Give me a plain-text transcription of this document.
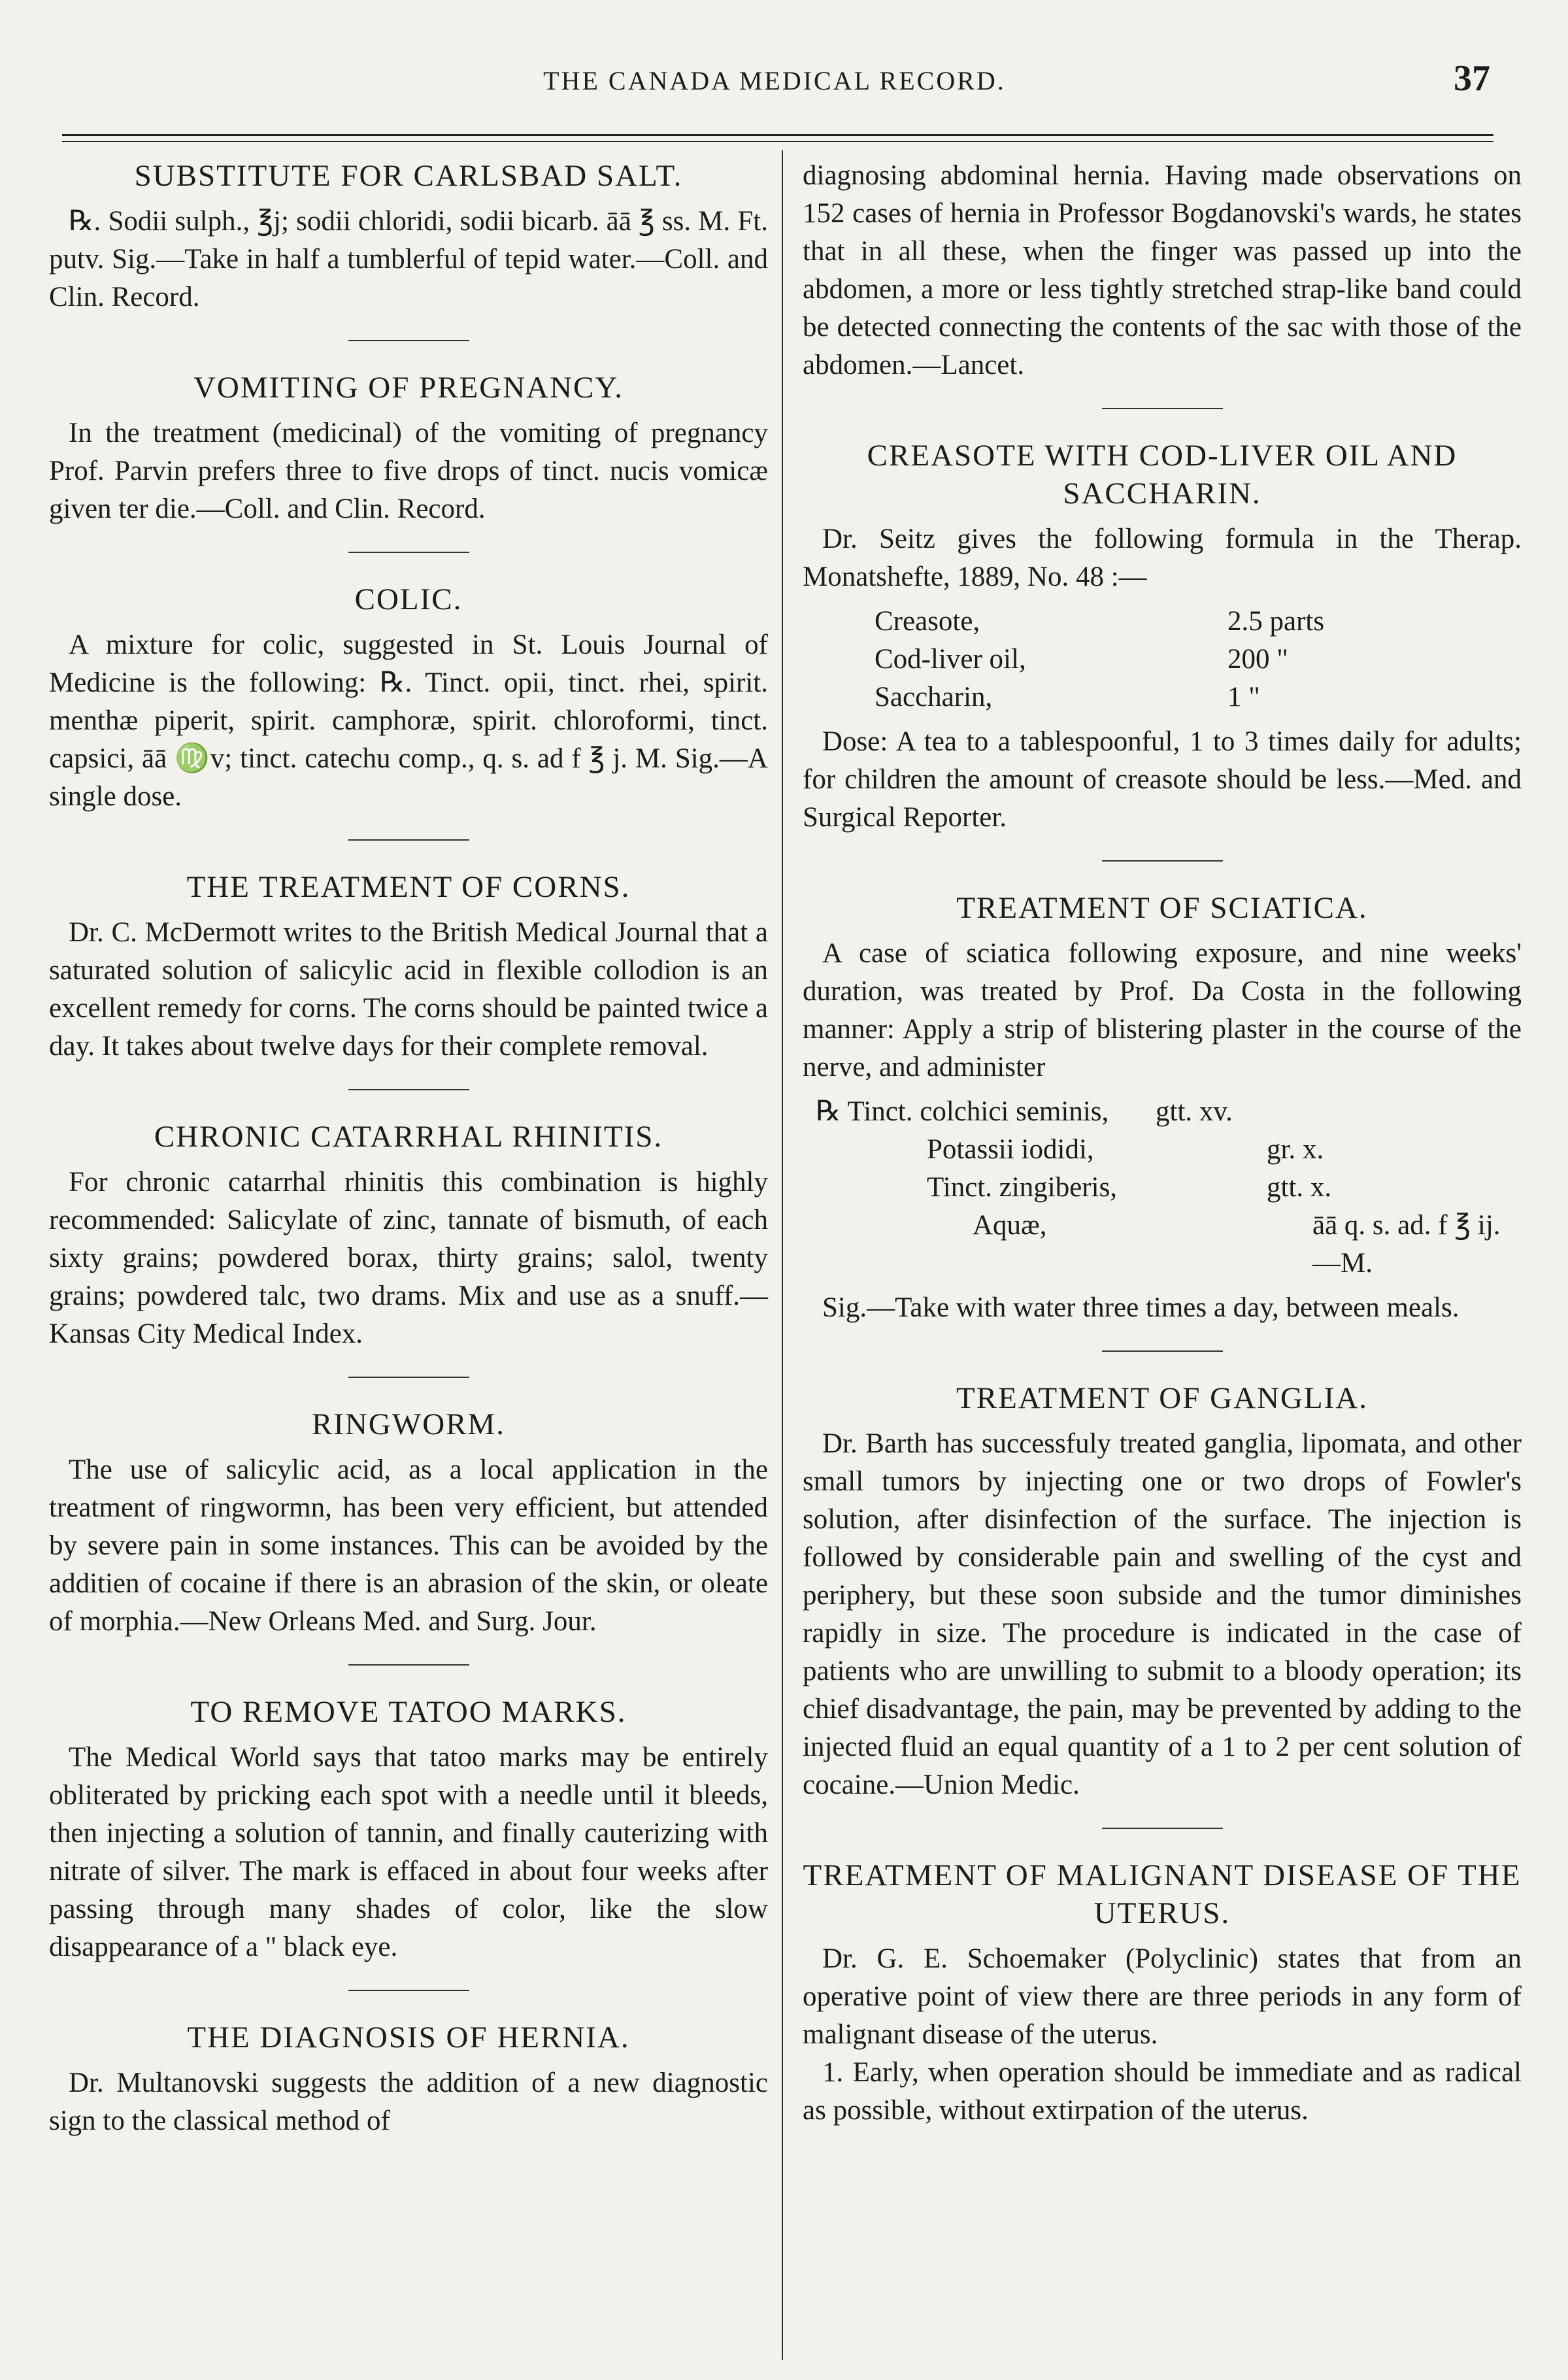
THE CANADA MEDICAL RECORD.	37
SUBSTITUTE FOR CARLSBAD SALT.

℞. Sodii sulph., ℥j; sodii chloridi, sodii bicarb. āā ℥ ss. M. Ft. putv. Sig.—Take in half a tumblerful of tepid water.—Coll. and Clin. Record.

VOMITING OF PREGNANCY.

In the treatment (medicinal) of the vomiting of pregnancy Prof. Parvin prefers three to five drops of tinct. nucis vomicæ given ter die.—Coll. and Clin. Record.

COLIC.

A mixture for colic, suggested in St. Louis Journal of Medicine is the following: ℞. Tinct. opii, tinct. rhei, spirit. menthæ piperit, spirit. camphoræ, spirit. chloroformi, tinct. capsici, āā ♍v; tinct. catechu comp., q. s. ad f ℥ j. M. Sig.—A single dose.

THE TREATMENT OF CORNS.

Dr. C. McDermott writes to the British Medical Journal that a saturated solution of salicylic acid in flexible collodion is an excellent remedy for corns. The corns should be painted twice a day. It takes about twelve days for their complete removal.

CHRONIC CATARRHAL RHINITIS.

For chronic catarrhal rhinitis this combination is highly recommended: Salicylate of zinc, tannate of bismuth, of each sixty grains; powdered borax, thirty grains; salol, twenty grains; powdered talc, two drams. Mix and use as a snuff.—Kansas City Medical Index.

RINGWORM.

The use of salicylic acid, as a local application in the treatment of ringwormn, has been very efficient, but attended by severe pain in some instances. This can be avoided by the additien of cocaine if there is an abrasion of the skin, or oleate of morphia.—New Orleans Med. and Surg. Jour.

TO REMOVE TATOO MARKS.

The Medical World says that tatoo marks may be entirely obliterated by pricking each spot with a needle until it bleeds, then injecting a solution of tannin, and finally cauterizing with nitrate of silver. The mark is effaced in about four weeks after passing through many shades of color, like the slow disappearance of a " black eye.

THE DIAGNOSIS OF HERNIA.

Dr. Multanovski suggests the addition of a new diagnostic sign to the classical method of

diagnosing abdominal hernia. Having made observations on 152 cases of hernia in Professor Bogdanovski's wards, he states that in all these, when the finger was passed up into the abdomen, a more or less tightly stretched strap-like band could be detected connecting the contents of the sac with those of the abdomen.—Lancet.

CREASOTE WITH COD-LIVER OIL AND SACCHARIN.

Dr. Seitz gives the following formula in the Therap. Monatshefte, 1889, No. 48 :—

Creasote,	2.5 parts
Cod-liver oil,	200 "
Saccharin,	1 "

Dose: A tea to a tablespoonful, 1 to 3 times daily for adults; for children the amount of creasote should be less.—Med. and Surgical Reporter.

TREATMENT OF SCIATICA.

A case of sciatica following exposure, and nine weeks' duration, was treated by Prof. Da Costa in the following manner: Apply a strip of blistering plaster in the course of the nerve, and administer

℞ Tinct. colchici seminis,	gtt. xv.
Potassii iodidi,	gr. x.
Tinct. zingiberis,	gtt. x.
Aquæ,	āā q. s. ad. f ℥ ij.—M.

Sig.—Take with water three times a day, between meals.

TREATMENT OF GANGLIA.

Dr. Barth has successfuly treated ganglia, lipomata, and other small tumors by injecting one or two drops of Fowler's solution, after disinfection of the surface. The injection is followed by considerable pain and swelling of the cyst and periphery, but these soon subside and the tumor diminishes rapidly in size. The procedure is indicated in the case of patients who are unwilling to submit to a bloody operation; its chief disadvantage, the pain, may be prevented by adding to the injected fluid an equal quantity of a 1 to 2 per cent solution of cocaine.—Union Medic.

TREATMENT OF MALIGNANT DISEASE OF THE UTERUS.

Dr. G. E. Schoemaker (Polyclinic) states that from an operative point of view there are three periods in any form of malignant disease of the uterus.

1. Early, when operation should be immediate and as radical as possible, without extirpation of the uterus.
